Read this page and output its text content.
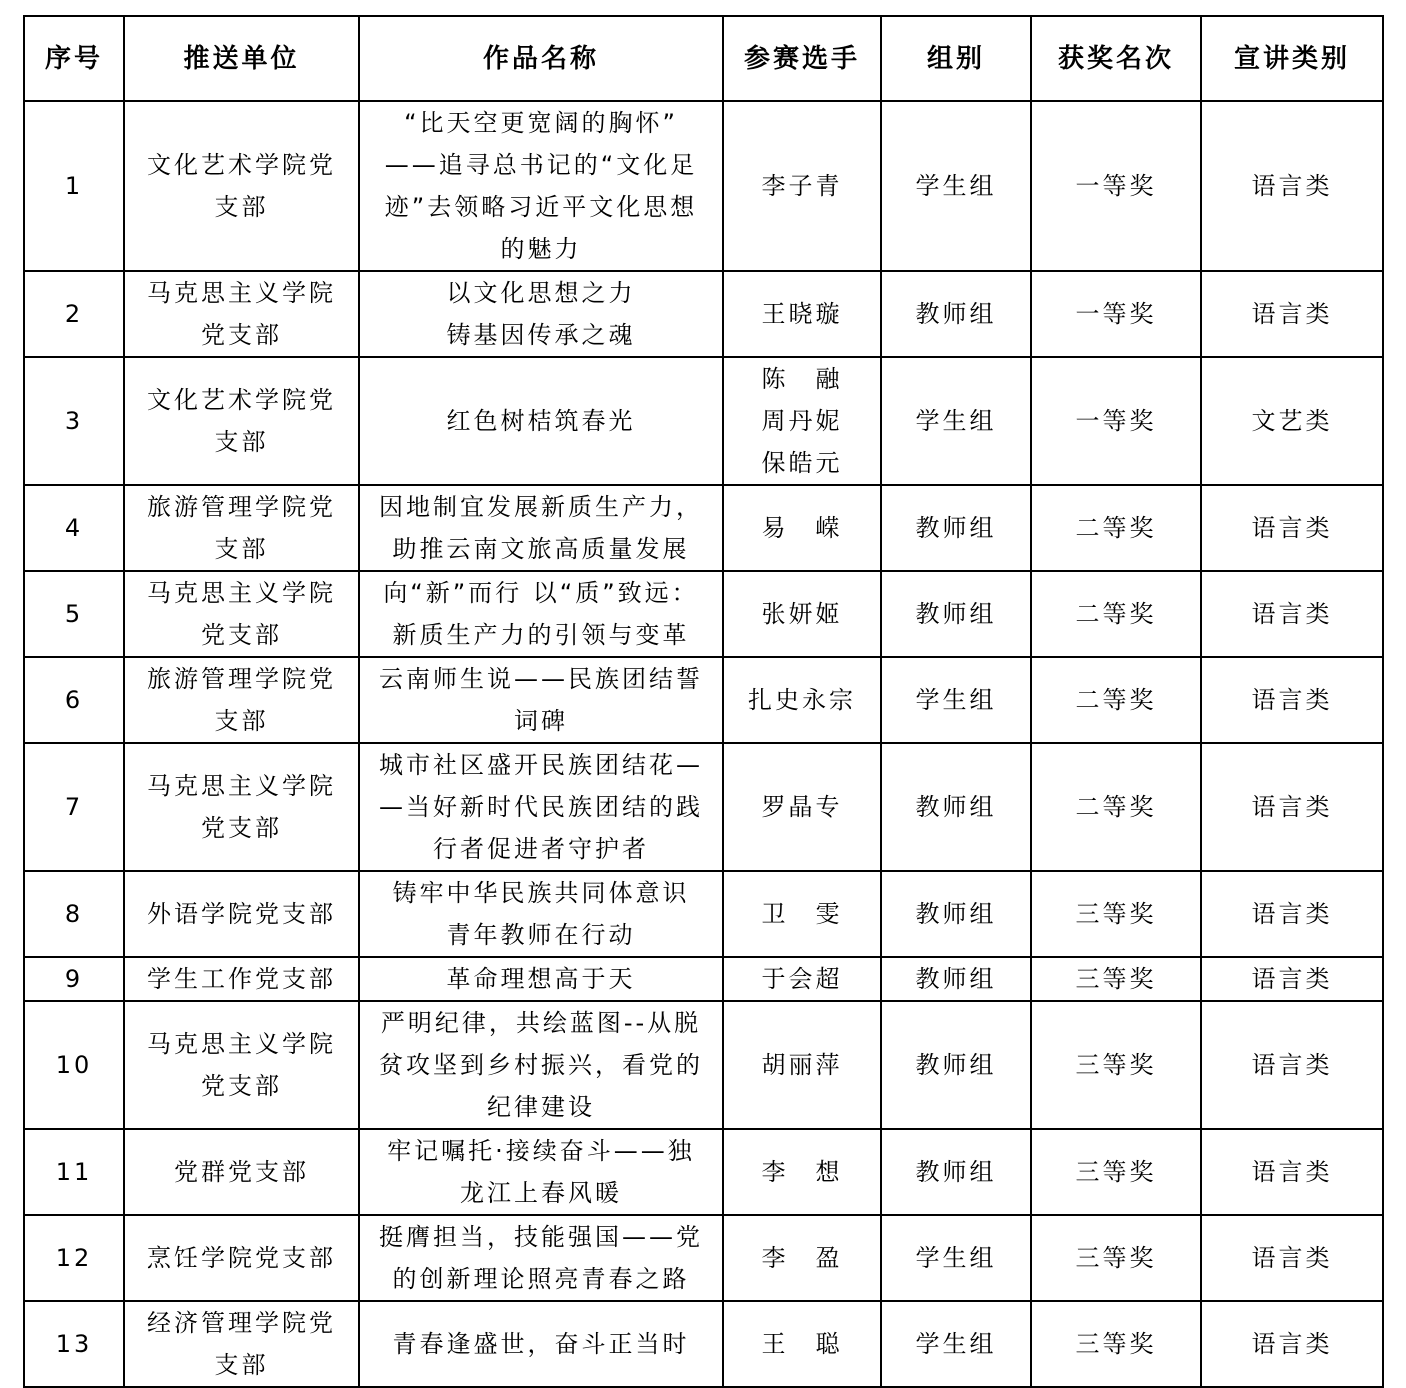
序号	推送单位	作品名称	参赛选手	组别	获奖名次	宣讲类别

1	文化艺术学院党
支部	“比天空更宽阔的胸怀”
——追寻总书记的“文化足
迹”去领略习近平文化思想
的魅力	李子青	学生组	一等奖	语言类

2	马克思主义学院
党支部	以文化思想之力
铸基因传承之魂	王晓璇	教师组	一等奖	语言类

3	文化艺术学院党
支部	红色树桔筑春光	陈　融
周丹妮
保皓元	学生组	一等奖	文艺类

4	旅游管理学院党
支部	因地制宜发展新质生产力，
助推云南文旅高质量发展	易　嵘	教师组	二等奖	语言类

5	马克思主义学院
党支部	向“新”而行 以“质”致远：
新质生产力的引领与变革	张妍姬	教师组	二等奖	语言类

6	旅游管理学院党
支部	云南师生说——民族团结誓
词碑	扎史永宗	学生组	二等奖	语言类

7	马克思主义学院
党支部	城市社区盛开民族团结花—
—当好新时代民族团结的践
行者促进者守护者	罗晶专	教师组	二等奖	语言类

8	外语学院党支部	铸牢中华民族共同体意识
青年教师在行动	卫　雯	教师组	三等奖	语言类

9	学生工作党支部	革命理想高于天	于会超	教师组	三等奖	语言类

10	马克思主义学院
党支部	严明纪律，共绘蓝图--从脱
贫攻坚到乡村振兴，看党的
纪律建设	胡丽萍	教师组	三等奖	语言类

11	党群党支部	牢记嘱托·接续奋斗——独
龙江上春风暖	李　想	教师组	三等奖	语言类

12	烹饪学院党支部	挺膺担当，技能强国——党
的创新理论照亮青春之路	李　盈	学生组	三等奖	语言类

13	经济管理学院党
支部	青春逢盛世，奋斗正当时	王　聪	学生组	三等奖	语言类
